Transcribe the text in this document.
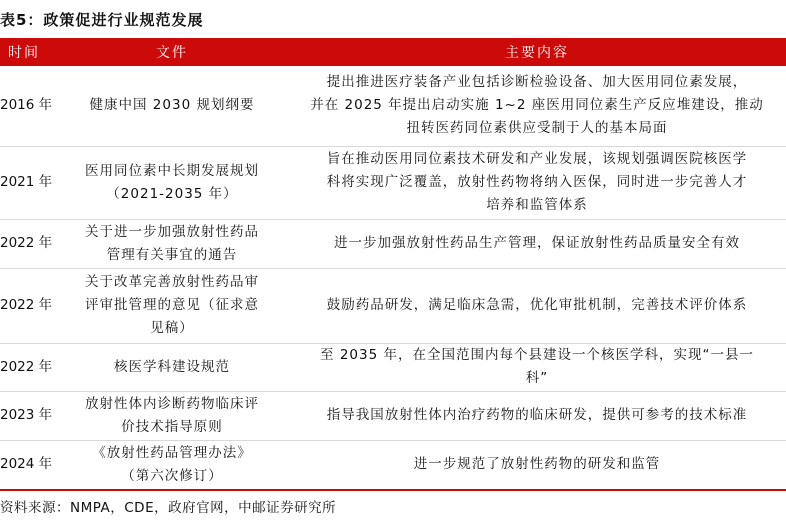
表5：政策促进行业规范发展
时间	文件	主要内容
2016 年	健康中国 2030 规划纲要	提出推进医疗装备产业包括诊断检验设备、加大医用同位素发展，
并在 2025 年提出启动实施 1~2 座医用同位素生产反应堆建设，推动
扭转医药同位素供应受制于人的基本局面

2021 年	医用同位素中长期发展规划
（2021-2035 年）	旨在推动医用同位素技术研发和产业发展，该规划强调医院核医学
科将实现广泛覆盖，放射性药物将纳入医保，同时进一步完善人才
培养和监管体系

2022 年	关于进一步加强放射性药品
管理有关事宜的通告	进一步加强放射性药品生产管理，保证放射性药品质量安全有效

2022 年	关于改革完善放射性药品审
评审批管理的意见（征求意
见稿）	鼓励药品研发，满足临床急需，优化审批机制，完善技术评价体系

2022 年	核医学科建设规范	至 2035 年，在全国范围内每个县建设一个核医学科，实现“一县一
科”

2023 年	放射性体内诊断药物临床评
价技术指导原则	指导我国放射性体内治疗药物的临床研发，提供可参考的技术标准

2024 年	《放射性药品管理办法》
（第六次修订）	进一步规范了放射性药物的研发和监管
资料来源：NMPA，CDE，政府官网，中邮证券研究所
